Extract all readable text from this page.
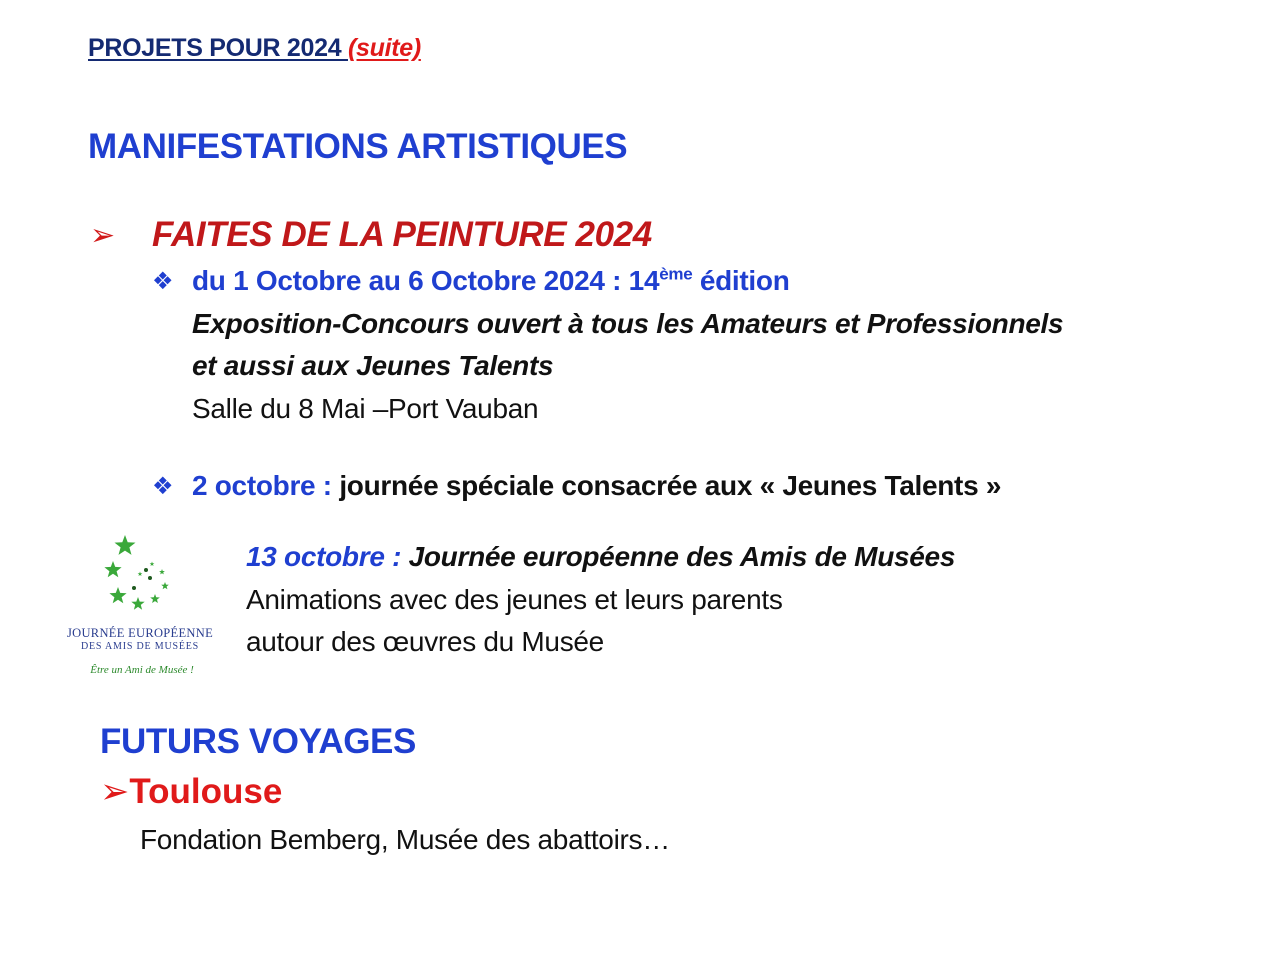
PROJETS POUR 2024 (suite)
MANIFESTATIONS ARTISTIQUES
➢ FAITES DE LA PEINTURE 2024
❖ du 1 Octobre au 6 Octobre 2024 : 14ème édition
Exposition-Concours ouvert à tous les Amateurs et Professionnels
et aussi aux Jeunes Talents
Salle du 8 Mai –Port Vauban
❖ 2 octobre : journée spéciale consacrée aux « Jeunes Talents »
JOURNÉE EUROPÉENNE
DES AMIS DE MUSÉES
Être un Ami de Musée !
13 octobre : Journée européenne des Amis de Musées
Animations avec des jeunes et leurs parents
autour des œuvres du Musée
FUTURS VOYAGES
➢Toulouse
Fondation Bemberg, Musée des abattoirs…
